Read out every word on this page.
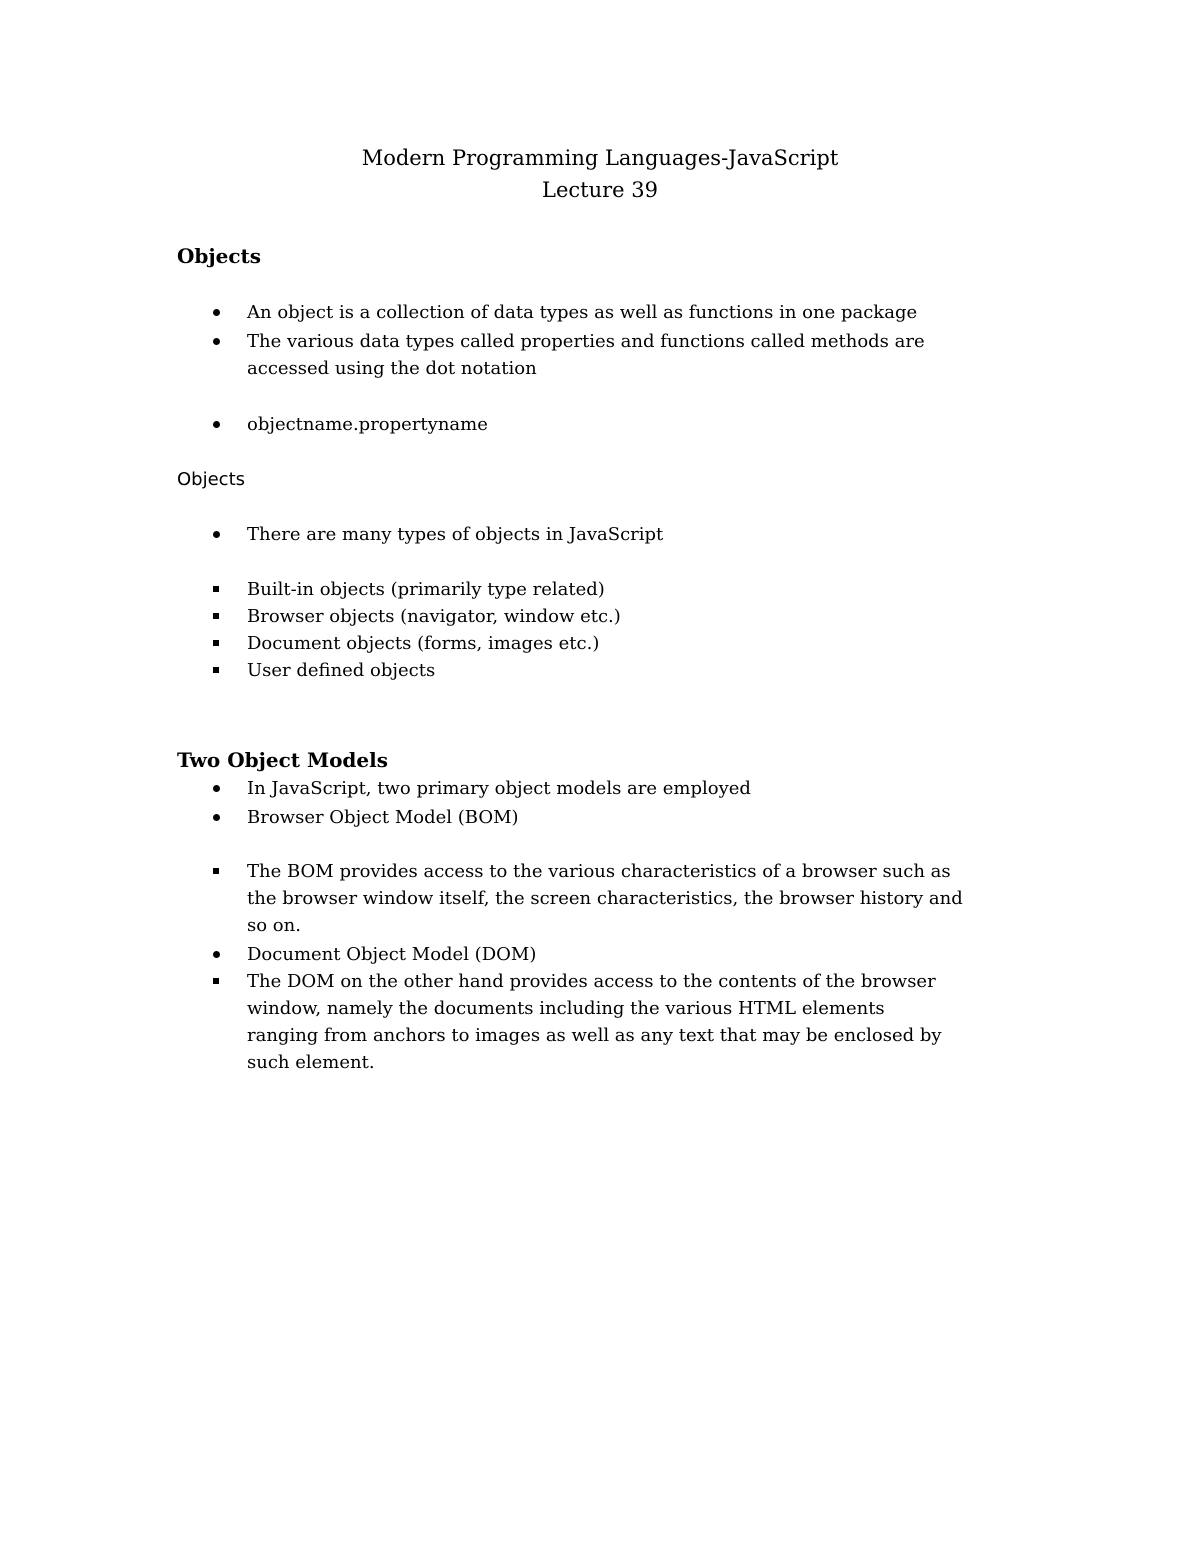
Modern Programming Languages-JavaScript
Lecture 39
Objects
An object is a collection of data types as well as functions in one package
The various data types called properties and functions called methods are
accessed using the dot notation
objectname.propertyname
Objects
There are many types of objects in JavaScript
Built-in objects (primarily type related)
Browser objects (navigator, window etc.)
Document objects (forms, images etc.)
User defined objects
Two Object Models
In JavaScript, two primary object models are employed
Browser Object Model (BOM)
The BOM provides access to the various characteristics of a browser such as
the browser window itself, the screen characteristics, the browser history and
so on.
Document Object Model (DOM)
The DOM on the other hand provides access to the contents of the browser
window, namely the documents including the various HTML elements
ranging from anchors to images as well as any text that may be enclosed by
such element.
